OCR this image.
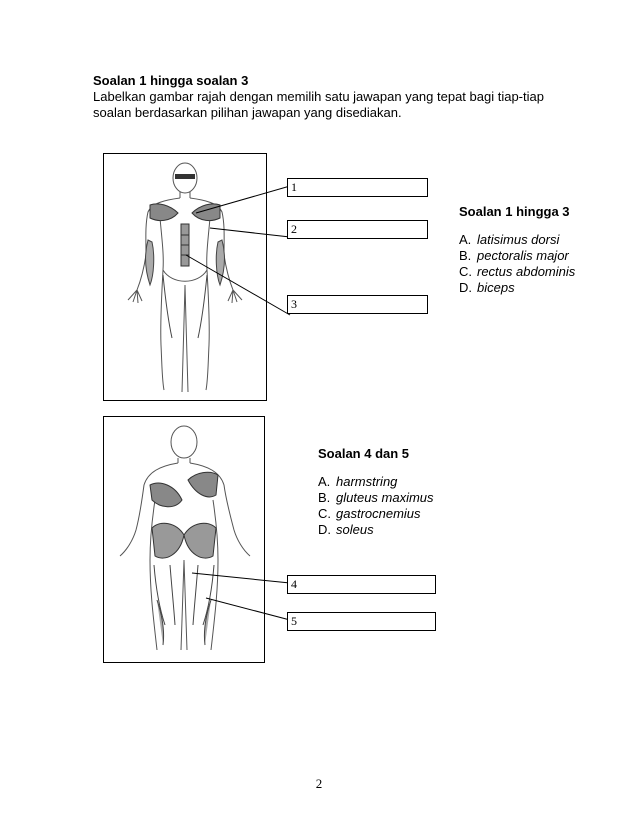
Soalan 1 hingga soalan 3
Labelkan gambar rajah dengan memilih satu jawapan yang tepat bagi tiap-tiap soalan berdasarkan pilihan jawapan yang disediakan.
1
2
3
Soalan 1 hingga 3
A. latisimus dorsi
B. pectoralis major
C. rectus abdominis
D. biceps
Soalan 4 dan 5
A. harmstring
B. gluteus maximus
C. gastrocnemius
D. soleus
4
5
2
